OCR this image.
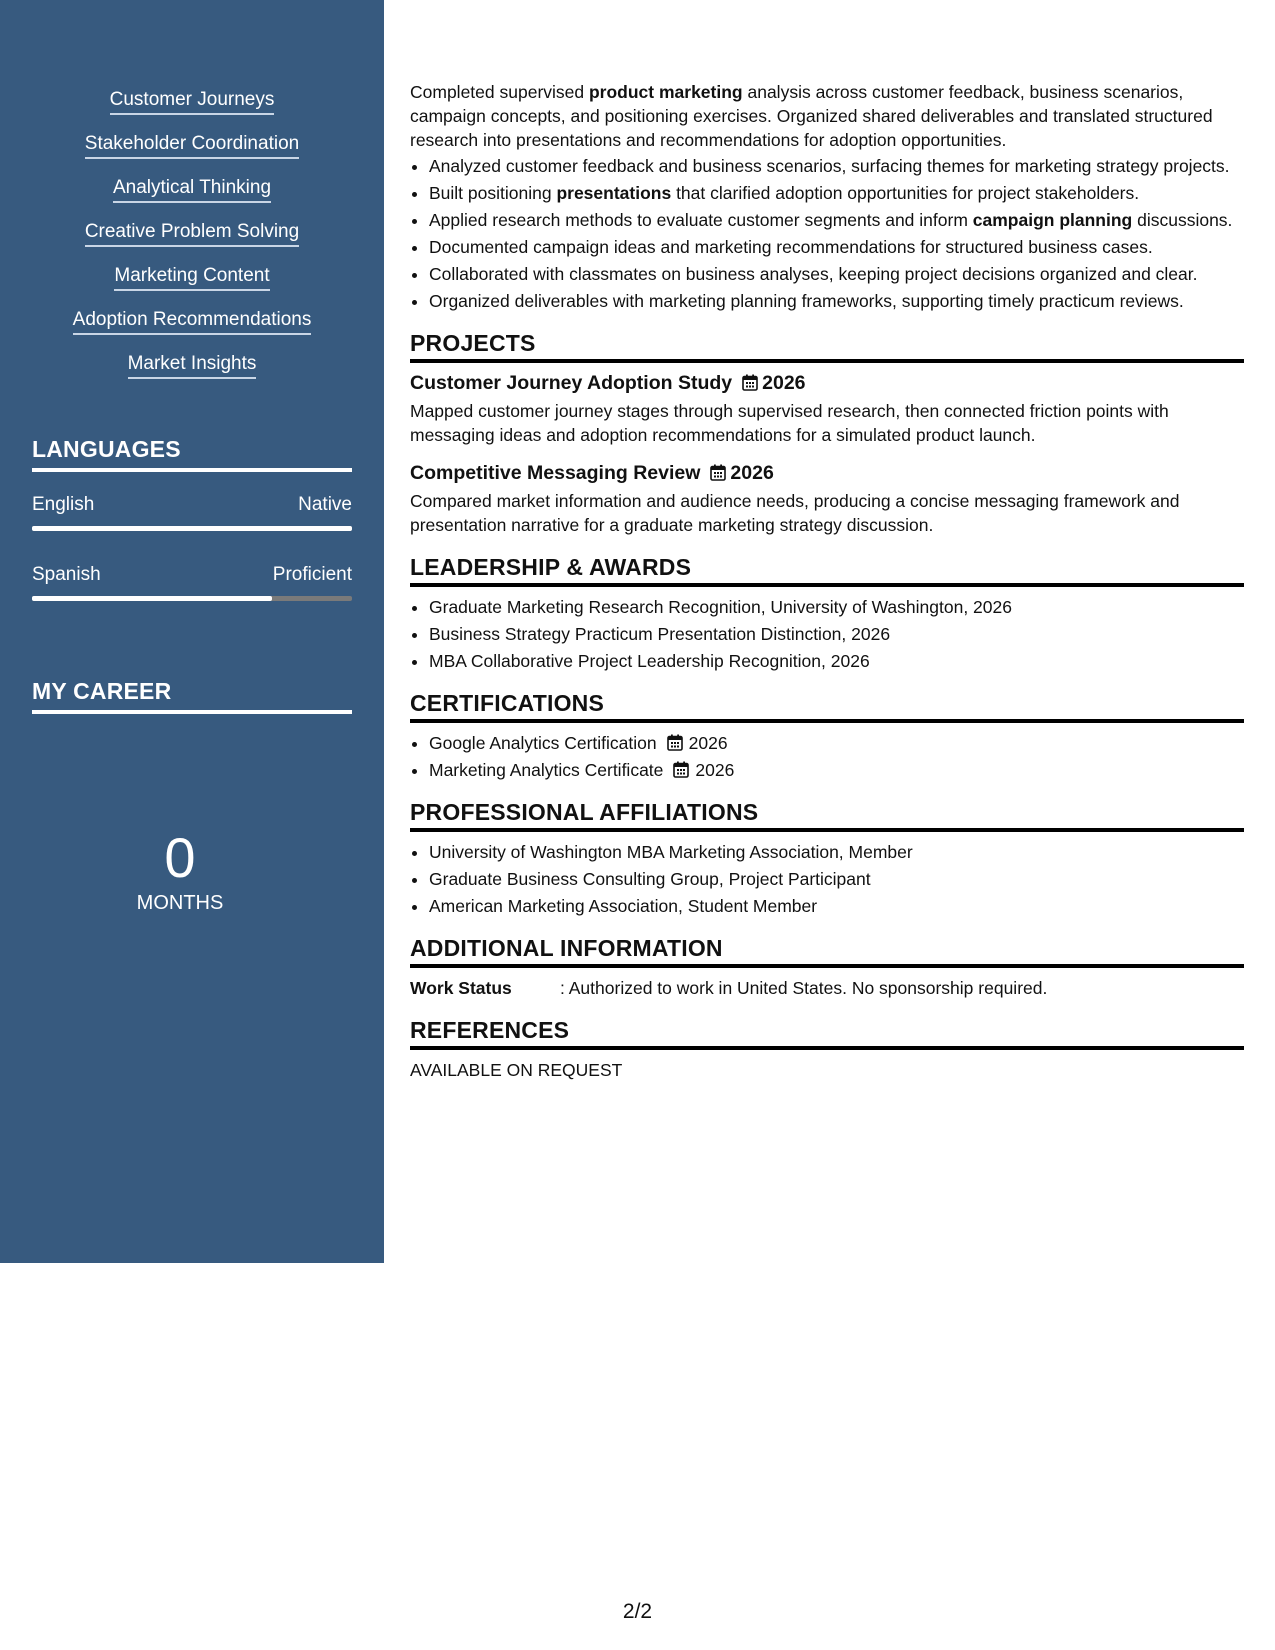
Customer Journeys
Stakeholder Coordination
Analytical Thinking
Creative Problem Solving
Marketing Content
Adoption Recommendations
Market Insights
LANGUAGES
English	Native
Spanish	Proficient
MY CAREER
0
MONTHS

Completed supervised product marketing analysis across customer feedback, business scenarios, campaign concepts, and positioning exercises. Organized shared deliverables and translated structured research into presentations and recommendations for adoption opportunities.

• Analyzed customer feedback and business scenarios, surfacing themes for marketing strategy projects.
• Built positioning presentations that clarified adoption opportunities for project stakeholders.
• Applied research methods to evaluate customer segments and inform campaign planning discussions.
• Documented campaign ideas and marketing recommendations for structured business cases.
• Collaborated with classmates on business analyses, keeping project decisions organized and clear.
• Organized deliverables with marketing planning frameworks, supporting timely practicum reviews.
PROJECTS
Customer Journey Adoption Study 2026
Mapped customer journey stages through supervised research, then connected friction points with messaging ideas and adoption recommendations for a simulated product launch.
Competitive Messaging Review 2026
Compared market information and audience needs, producing a concise messaging framework and presentation narrative for a graduate marketing strategy discussion.
LEADERSHIP & AWARDS
• Graduate Marketing Research Recognition, University of Washington, 2026
• Business Strategy Practicum Presentation Distinction, 2026
• MBA Collaborative Project Leadership Recognition, 2026
CERTIFICATIONS
• Google Analytics Certification 2026
• Marketing Analytics Certificate 2026
PROFESSIONAL AFFILIATIONS
• University of Washington MBA Marketing Association, Member
• Graduate Business Consulting Group, Project Participant
• American Marketing Association, Student Member
ADDITIONAL INFORMATION
Work Status	: Authorized to work in United States. No sponsorship required.
REFERENCES
AVAILABLE ON REQUEST
2/2
